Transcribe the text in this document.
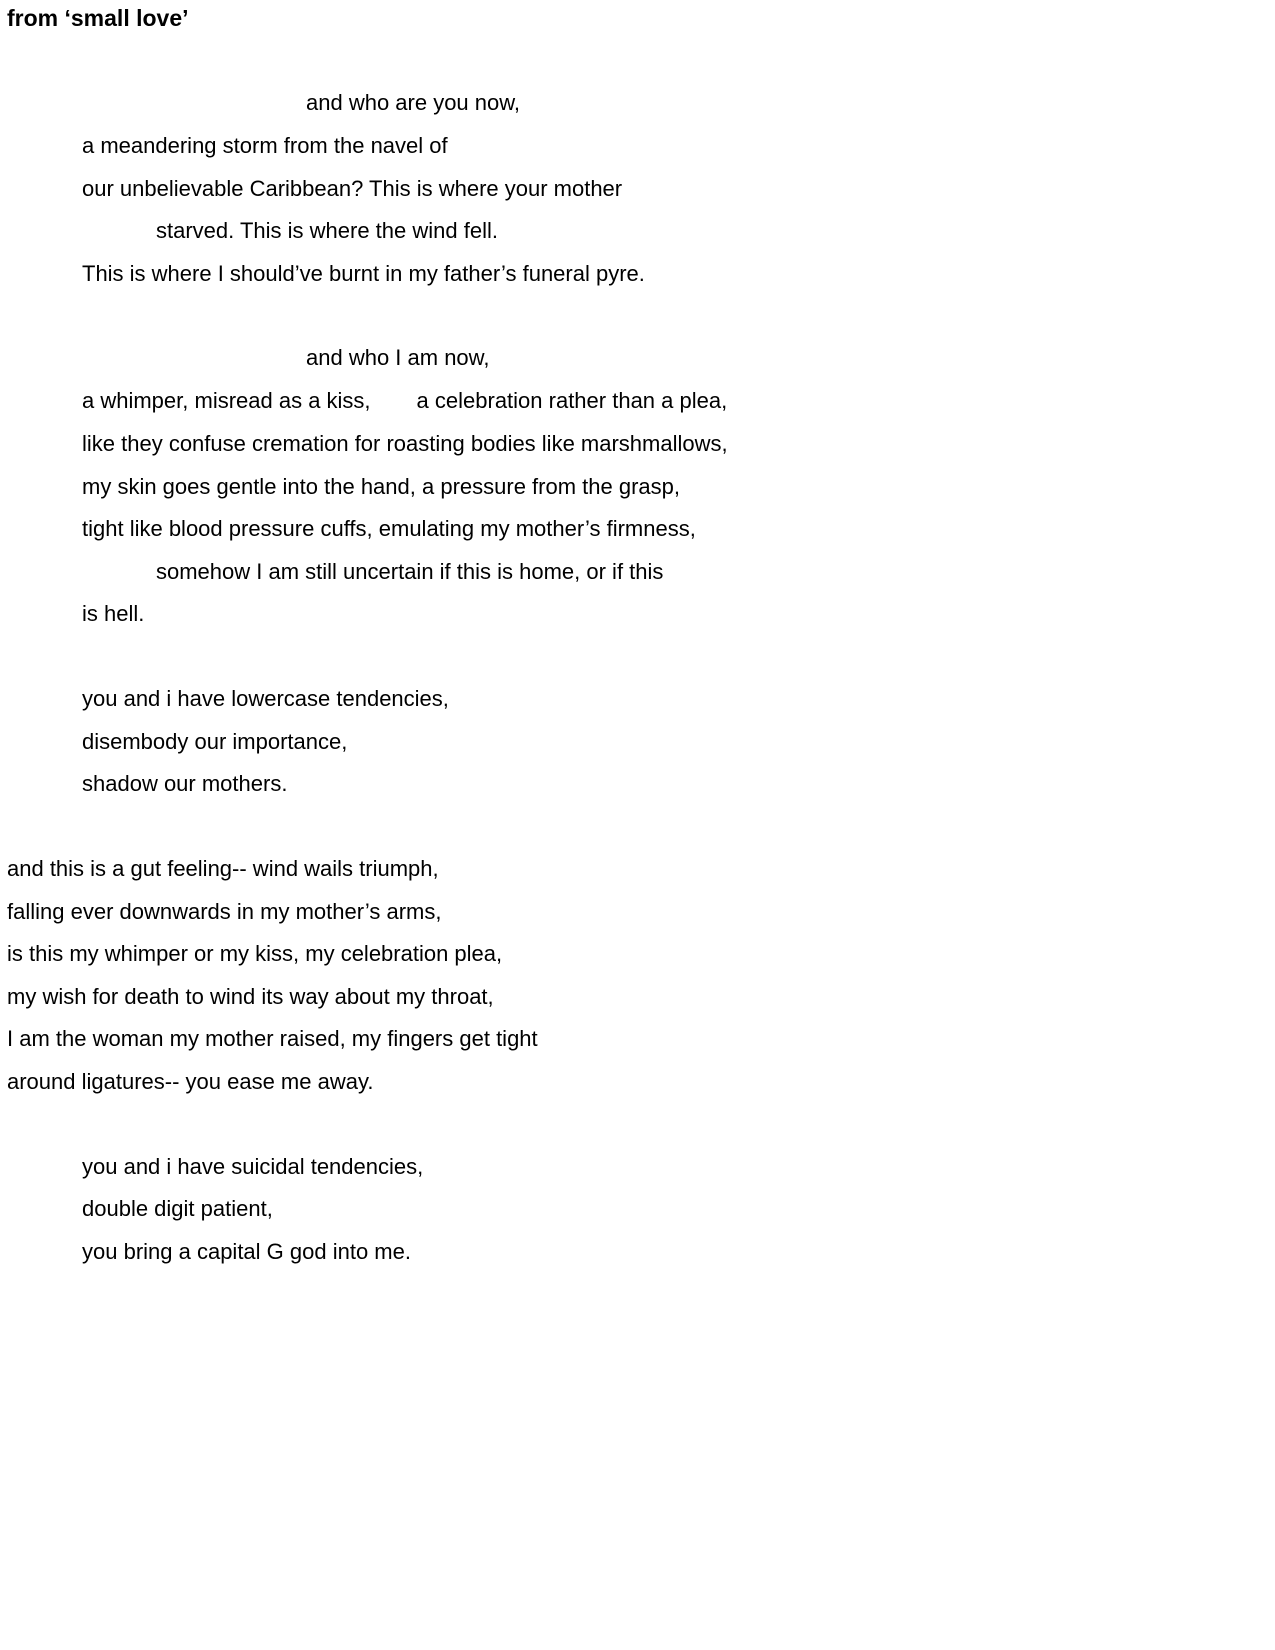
from ‘small love’
and who are you now,
a meandering storm from the navel of
our unbelievable Caribbean? This is where your mother
starved. This is where the wind fell.
This is where I should’ve burnt in my father’s funeral pyre.
and who I am now,
a whimper, misread as a kiss, a celebration rather than a plea,
like they confuse cremation for roasting bodies like marshmallows,
my skin goes gentle into the hand, a pressure from the grasp,
tight like blood pressure cuffs, emulating my mother’s firmness,
somehow I am still uncertain if this is home, or if this
is hell.
you and i have lowercase tendencies,
disembody our importance,
shadow our mothers.
and this is a gut feeling-- wind wails triumph,
falling ever downwards in my mother’s arms,
is this my whimper or my kiss, my celebration plea,
my wish for death to wind its way about my throat,
I am the woman my mother raised, my fingers get tight
around ligatures-- you ease me away.
you and i have suicidal tendencies,
double digit patient,
you bring a capital G god into me.
